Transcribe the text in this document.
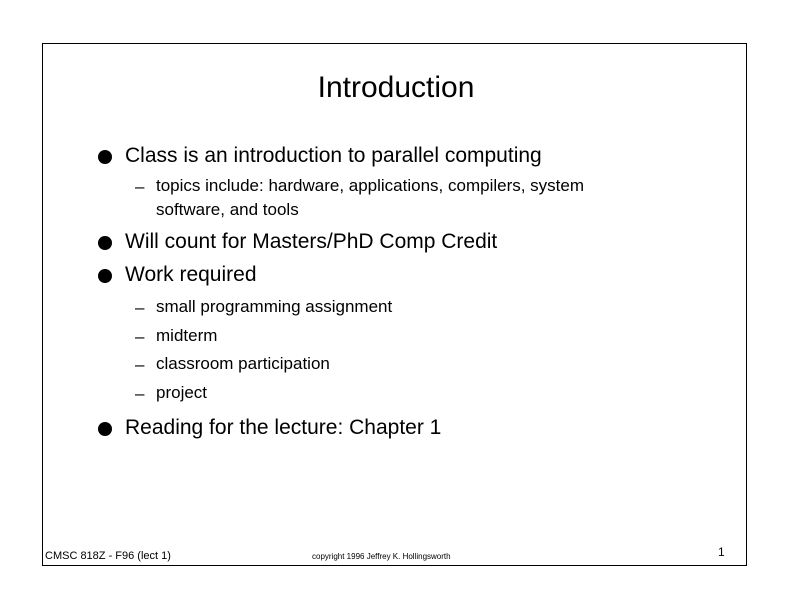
Introduction
Class is an introduction to parallel computing
– topics include: hardware, applications, compilers, system
software, and tools
Will count for Masters/PhD Comp Credit
Work required
– small programming assignment
– midterm
– classroom participation
– project
Reading for the lecture: Chapter 1
CMSC 818Z - F96 (lect 1)	copyright 1996 Jeffrey K. Hollingsworth	1
